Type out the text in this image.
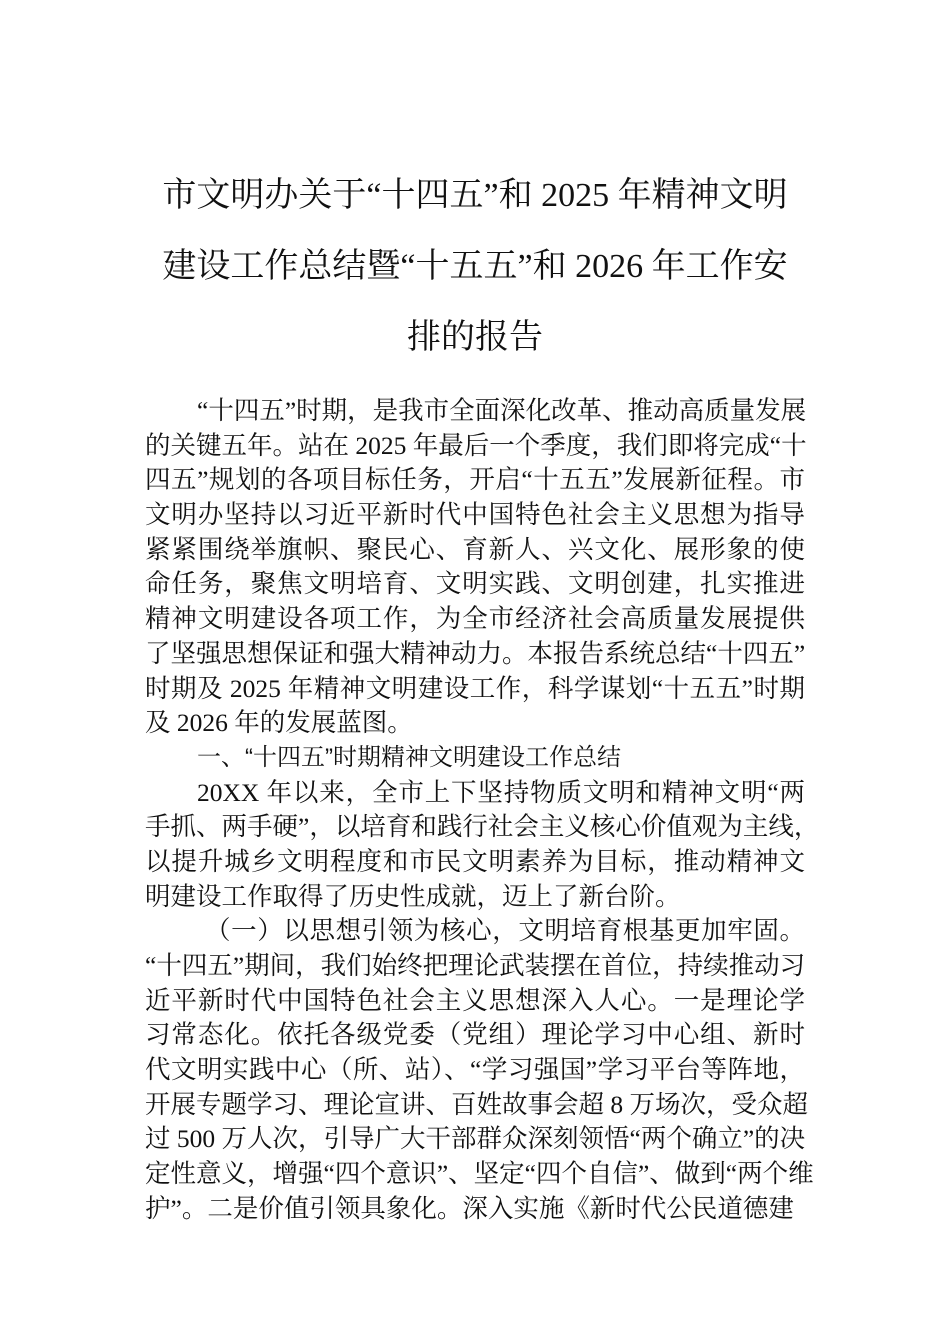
市文明办关于“十四五”和 2025 年精神文明
建设工作总结暨“十五五”和 2026 年工作安
排的报告
“十四五”时期，是我市全面深化改革、推动高质量发展
的关键五年。站在 2025 年最后一个季度，我们即将完成“十
四五”规划的各项目标任务，开启“十五五”发展新征程。市
文明办坚持以习近平新时代中国特色社会主义思想为指导
紧紧围绕举旗帜、聚民心、育新人、兴文化、展形象的使
命任务，聚焦文明培育、文明实践、文明创建，扎实推进
精神文明建设各项工作，为全市经济社会高质量发展提供
了坚强思想保证和强大精神动力。本报告系统总结“十四五”
时期及 2025 年精神文明建设工作，科学谋划“十五五”时期
及 2026 年的发展蓝图。
一、“十四五”时期精神文明建设工作总结
20XX 年以来，全市上下坚持物质文明和精神文明“两
手抓、两手硬”，以培育和践行社会主义核心价值观为主线，
以提升城乡文明程度和市民文明素养为目标，推动精神文
明建设工作取得了历史性成就，迈上了新台阶。
（一）以思想引领为核心，文明培育根基更加牢固。
“十四五”期间，我们始终把理论武装摆在首位，持续推动习
近平新时代中国特色社会主义思想深入人心。一是理论学
习常态化。依托各级党委（党组）理论学习中心组、新时
代文明实践中心（所、站）、“学习强国”学习平台等阵地，
开展专题学习、理论宣讲、百姓故事会超 8 万场次，受众超
过 500 万人次，引导广大干部群众深刻领悟“两个确立”的决
定性意义，增强“四个意识”、坚定“四个自信”、做到“两个维
护”。二是价值引领具象化。深入实施《新时代公民道德建
